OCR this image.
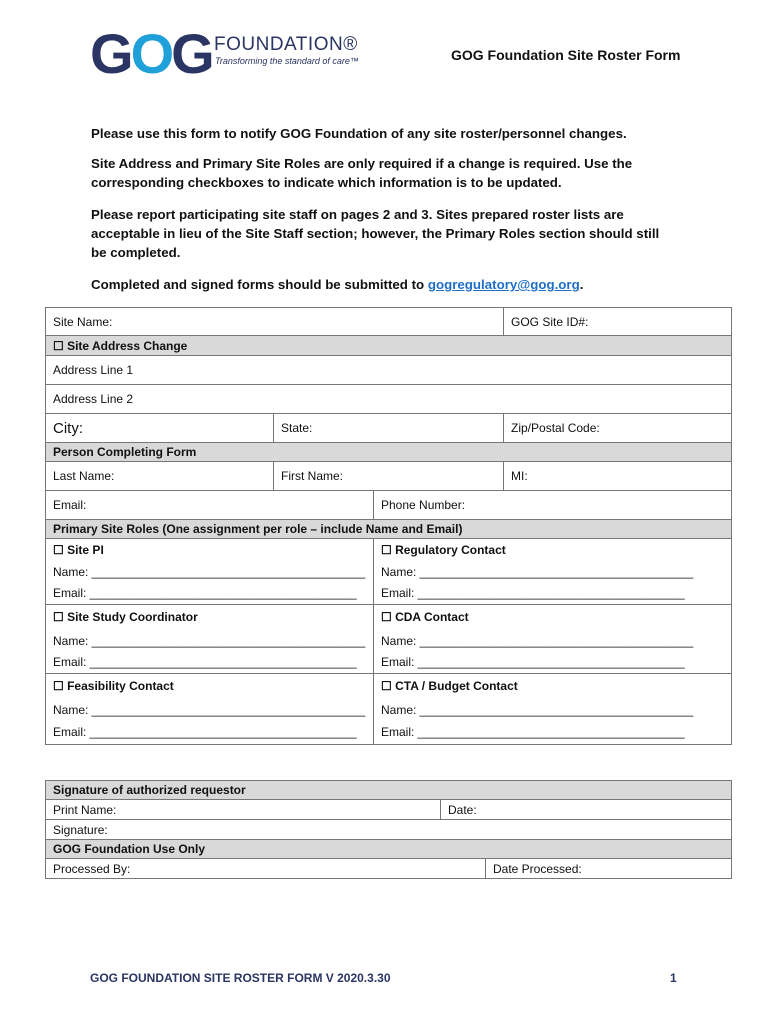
GOG FOUNDATION®
Transforming the standard of care™	GOG Foundation Site Roster Form
Please use this form to notify GOG Foundation of any site roster/personnel changes.
Site Address and Primary Site Roles are only required if a change is required. Use the corresponding checkboxes to indicate which information is to be updated.
Please report participating site staff on pages 2 and 3. Sites prepared roster lists are acceptable in lieu of the Site Staff section; however, the Primary Roles section should still be completed.
Completed and signed forms should be submitted to gogregulatory@gog.org.
Site Name:			GOG Site ID#:
☐ Site Address Change			
Address Line 1			
Address Line 2			
City:	State:		Zip/Postal Code:
Person Completing Form			
Last Name:	First Name:		MI:
Email:		Phone Number:	
Primary Site Roles (One assignment per role – include Name and Email)			
☐ Site PI		☐ Regulatory Contact	
Name: _________________________________________		Name: _________________________________________	
Email: ________________________________________		Email: ________________________________________	
☐ Site Study Coordinator		☐ CDA Contact	
Name: _________________________________________		Name: _________________________________________	
Email: ________________________________________		Email: ________________________________________	
☐ Feasibility Contact		☐ CTA / Budget Contact	
Name: _________________________________________		Name: _________________________________________	
Email: ________________________________________		Email: ________________________________________	
Signature of authorized requestor		
Print Name:	Date:	
Signature:		
GOG Foundation Use Only		
Processed By:		Date Processed:
GOG FOUNDATION SITE ROSTER FORM V 2020.3.30	1
